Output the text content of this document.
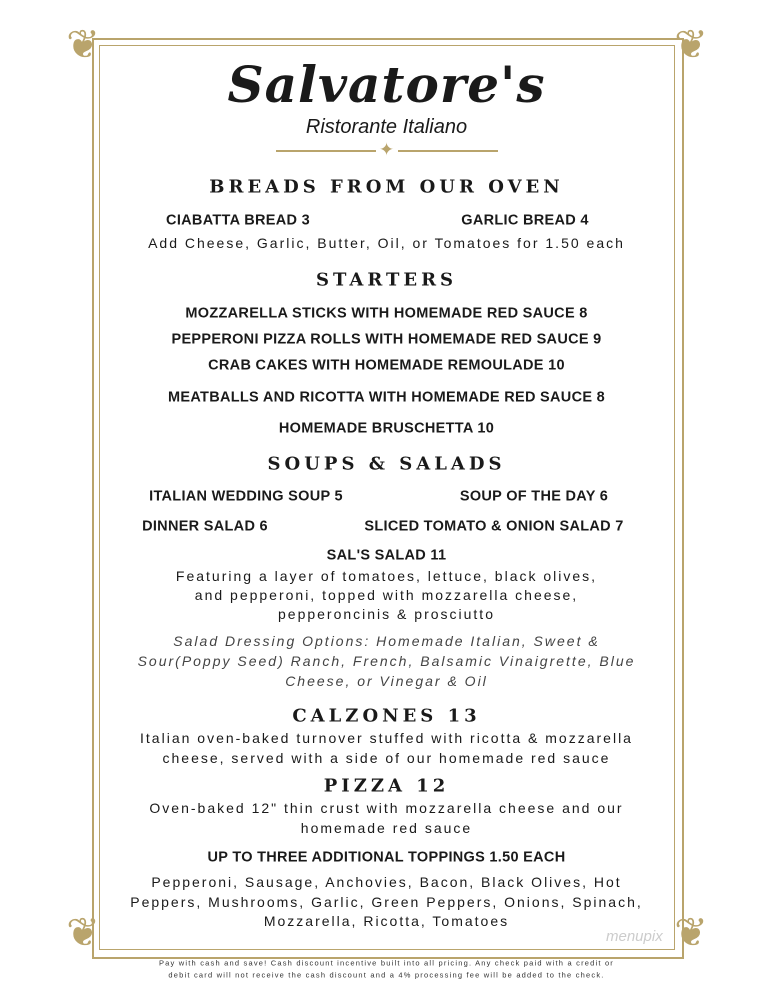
❦	❦
❦	❦
Salvatore's
Ristorante Italiano
✦
BREADS FROM OUR OVEN
CIABATTA BREAD 3	GARLIC BREAD 4
Add Cheese, Garlic, Butter, Oil, or Tomatoes for 1.50 each
STARTERS
MOZZARELLA STICKS WITH HOMEMADE RED SAUCE 8
PEPPERONI PIZZA ROLLS WITH HOMEMADE RED SAUCE 9
CRAB CAKES WITH HOMEMADE REMOULADE 10
MEATBALLS AND RICOTTA WITH HOMEMADE RED SAUCE 8
HOMEMADE BRUSCHETTA 10
SOUPS & SALADS
ITALIAN WEDDING SOUP 5	SOUP OF THE DAY 6
DINNER SALAD 6	SLICED TOMATO & ONION SALAD 7
SAL'S SALAD 11
Featuring a layer of tomatoes, lettuce, black olives,
and pepperoni, topped with mozzarella cheese,
pepperoncinis & prosciutto
Salad Dressing Options: Homemade Italian, Sweet &
Sour(Poppy Seed) Ranch, French, Balsamic Vinaigrette, Blue
Cheese, or Vinegar & Oil
CALZONES 13
Italian oven-baked turnover stuffed with ricotta & mozzarella
cheese, served with a side of our homemade red sauce
PIZZA 12
Oven-baked 12" thin crust with mozzarella cheese and our
homemade red sauce
UP TO THREE ADDITIONAL TOPPINGS 1.50 EACH
Pepperoni, Sausage, Anchovies, Bacon, Black Olives, Hot
Peppers, Mushrooms, Garlic, Green Peppers, Onions, Spinach,
Mozzarella, Ricotta, Tomatoes
menupix
Pay with cash and save! Cash discount incentive built into all pricing. Any check paid with a credit or
debit card will not receive the cash discount and a 4% processing fee will be added to the check.
